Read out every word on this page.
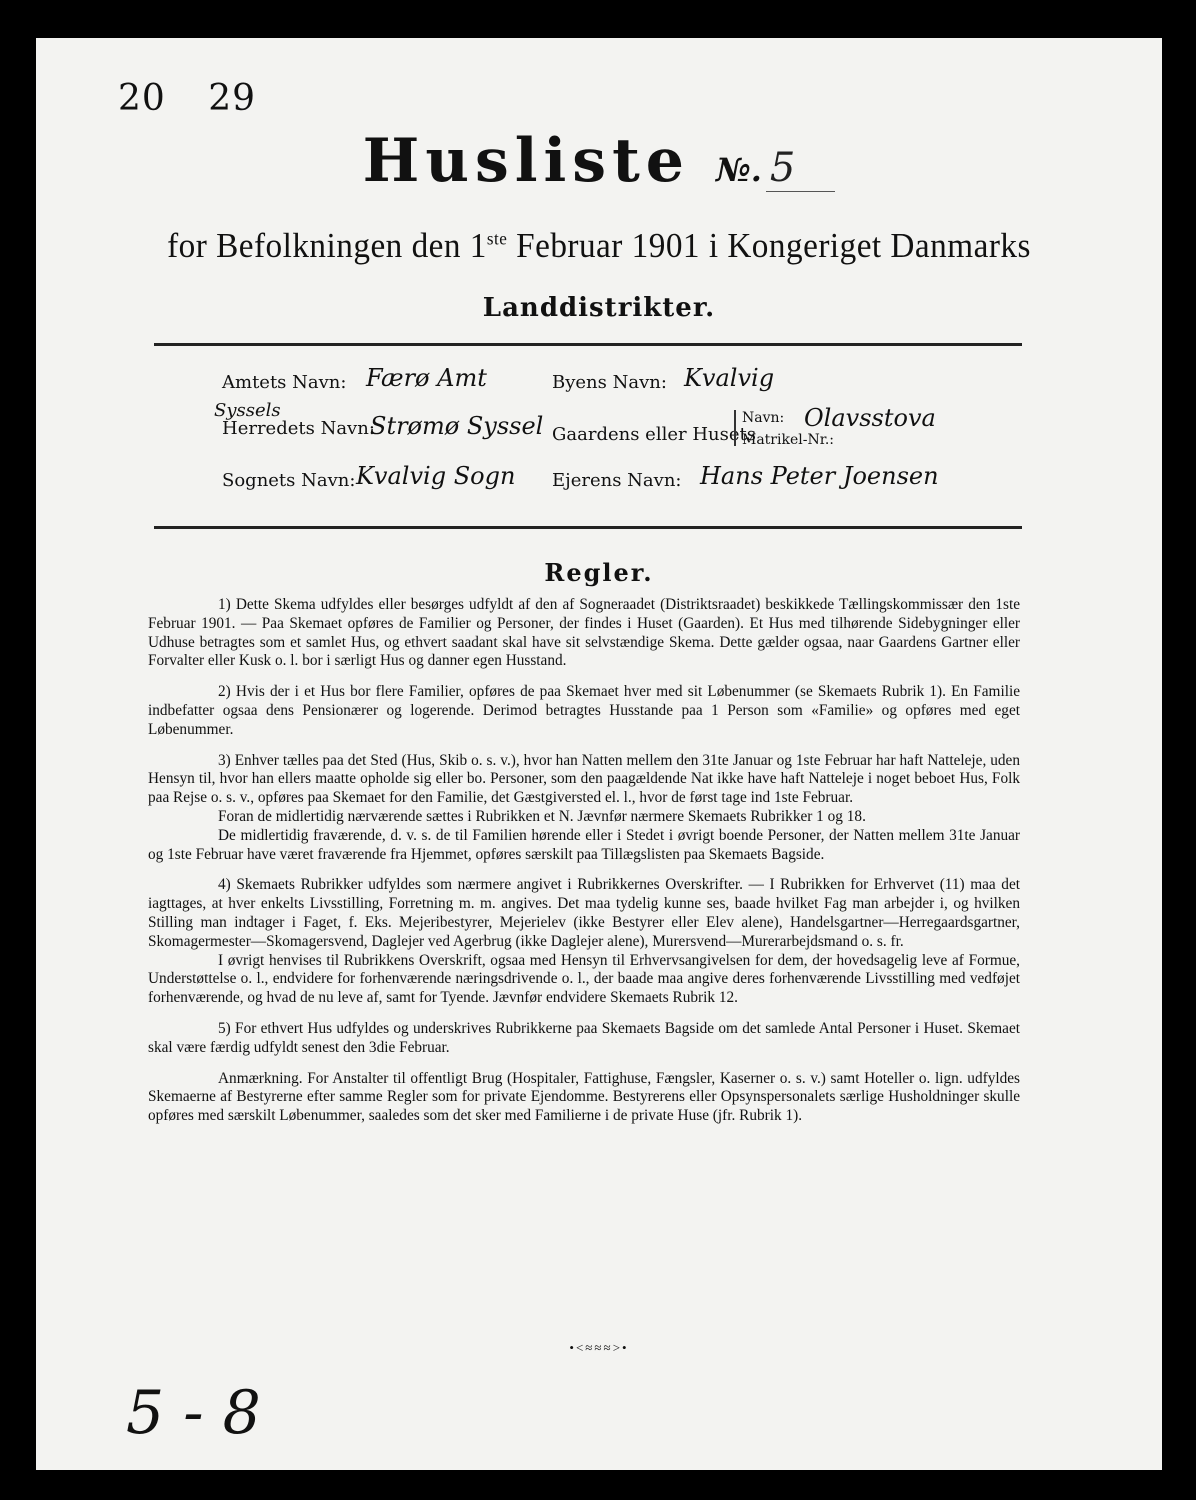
20 29
Husliste №. 5
for Befolkningen den 1ste Februar 1901 i Kongeriget Danmarks
Landdistrikter.
Amtets Navn: Færø Amt
Syssels
Herredets Navn:
Strømø Syssel
Sognets Navn: Kvalvig Sogn
Byens Navn: Kvalvig
Gaardens eller Husets
Navn: Olavsstova
Matrikel-Nr.:
Ejerens Navn: Hans Peter Joensen
Regler.

1) Dette Skema udfyldes eller besørges udfyldt af den af Sogneraadet (Distriktsraadet) beskikkede Tællingskommissær den 1ste Februar 1901. — Paa Skemaet opføres de Familier og Personer, der findes i Huset (Gaarden). Et Hus med tilhørende Sidebygninger eller Udhuse betragtes som et samlet Hus, og ethvert saadant skal have sit selvstændige Skema. Dette gælder ogsaa, naar Gaardens Gartner eller Forvalter eller Kusk o. l. bor i særligt Hus og danner egen Husstand.

2) Hvis der i et Hus bor flere Familier, opføres de paa Skemaet hver med sit Løbenummer (se Skemaets Rubrik 1). En Familie indbefatter ogsaa dens Pensionærer og logerende. Derimod betragtes Husstande paa 1 Person som «Familie» og opføres med eget Løbenummer.

3) Enhver tælles paa det Sted (Hus, Skib o. s. v.), hvor han Natten mellem den 31te Januar og 1ste Februar har haft Natteleje, uden Hensyn til, hvor han ellers maatte opholde sig eller bo. Personer, som den paagældende Nat ikke have haft Natteleje i noget beboet Hus, Folk paa Rejse o. s. v., opføres paa Skemaet for den Familie, det Gæstgiversted el. l., hvor de først tage ind 1ste Februar.

Foran de midlertidig nærværende sættes i Rubrikken et N. Jævnfør nærmere Skemaets Rubrikker 1 og 18.

De midlertidig fraværende, d. v. s. de til Familien hørende eller i Stedet i øvrigt boende Personer, der Natten mellem 31te Januar og 1ste Februar have været fraværende fra Hjemmet, opføres særskilt paa Tillægslisten paa Skemaets Bagside.

4) Skemaets Rubrikker udfyldes som nærmere angivet i Rubrikkernes Overskrifter. — I Rubrikken for Erhvervet (11) maa det iagttages, at hver enkelts Livsstilling, Forretning m. m. angives. Det maa tydelig kunne ses, baade hvilket Fag man arbejder i, og hvilken Stilling man indtager i Faget, f. Eks. Mejeribestyrer, Mejerielev (ikke Bestyrer eller Elev alene), Handelsgartner—Herregaardsgartner, Skomagermester—Skomagersvend, Daglejer ved Agerbrug (ikke Daglejer alene), Murersvend—Murerarbejdsmand o. s. fr.

I øvrigt henvises til Rubrikkens Overskrift, ogsaa med Hensyn til Erhvervsangivelsen for dem, der hovedsagelig leve af Formue, Understøttelse o. l., endvidere for forhenværende næringsdrivende o. l., der baade maa angive deres forhenværende Livsstilling med vedføjet forhenværende, og hvad de nu leve af, samt for Tyende. Jævnfør endvidere Skemaets Rubrik 12.

5) For ethvert Hus udfyldes og underskrives Rubrikkerne paa Skemaets Bagside om det samlede Antal Personer i Huset. Skemaet skal være færdig udfyldt senest den 3die Februar.

Anmærkning. For Anstalter til offentligt Brug (Hospitaler, Fattighuse, Fængsler, Kaserner o. s. v.) samt Hoteller o. lign. udfyldes Skemaerne af Bestyrerne efter samme Regler som for private Ejendomme. Bestyrerens eller Opsynspersonalets særlige Husholdninger skulle opføres med særskilt Løbenummer, saaledes som det sker med Familierne i de private Huse (jfr. Rubrik 1).

•<≈≈≈>•
5 - 8
